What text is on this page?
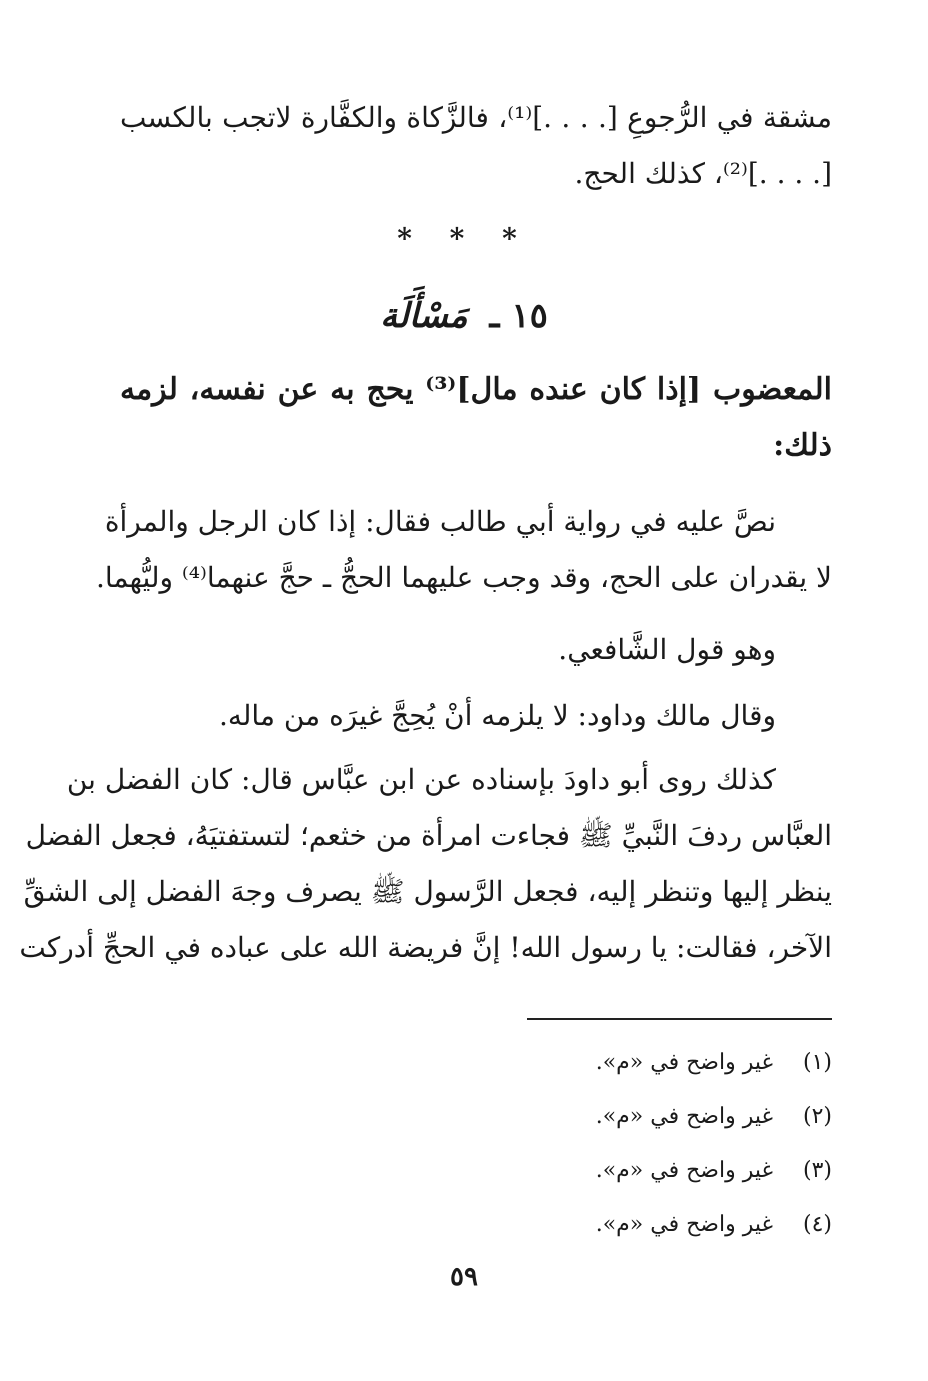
مشقة في الرُّجوعِ [. . . .]⁽¹⁾، فالزَّكاة والكفَّارة لاتجب بالكسب
[. . . .]⁽²⁾، كذلك الحج.
* * *
١٥ ـ مَسْأَلَة
المعضوب [إذا كان عنده مال]⁽³⁾ يحج به عن نفسه، لزمه
ذلك:
نصَّ عليه في رواية أبي طالب فقال: إذا كان الرجل والمرأة
لا يقدران على الحج، وقد وجب عليهما الحجُّ ـ حجَّ عنهما⁽⁴⁾ وليُّهما.
وهو قول الشَّافعي.
وقال مالك وداود: لا يلزمه أنْ يُحِجَّ غيرَه من ماله.
كذلك روى أبو داودَ بإسناده عن ابن عبَّاس قال: كان الفضل بن
العبَّاس ردفَ النَّبيِّ ﷺ فجاءت امرأة من خثعم؛ لتستفتيَهُ، فجعل الفضل
ينظر إليها وتنظر إليه، فجعل الرَّسول ﷺ يصرف وجهَ الفضل إلى الشقِّ
الآخر، فقالت: يا رسول الله! إنَّ فريضة الله على عباده في الحجِّ أدركت
(١) غير واضح في «م».
(٢) غير واضح في «م».
(٣) غير واضح في «م».
(٤) غير واضح في «م».
٥٩
